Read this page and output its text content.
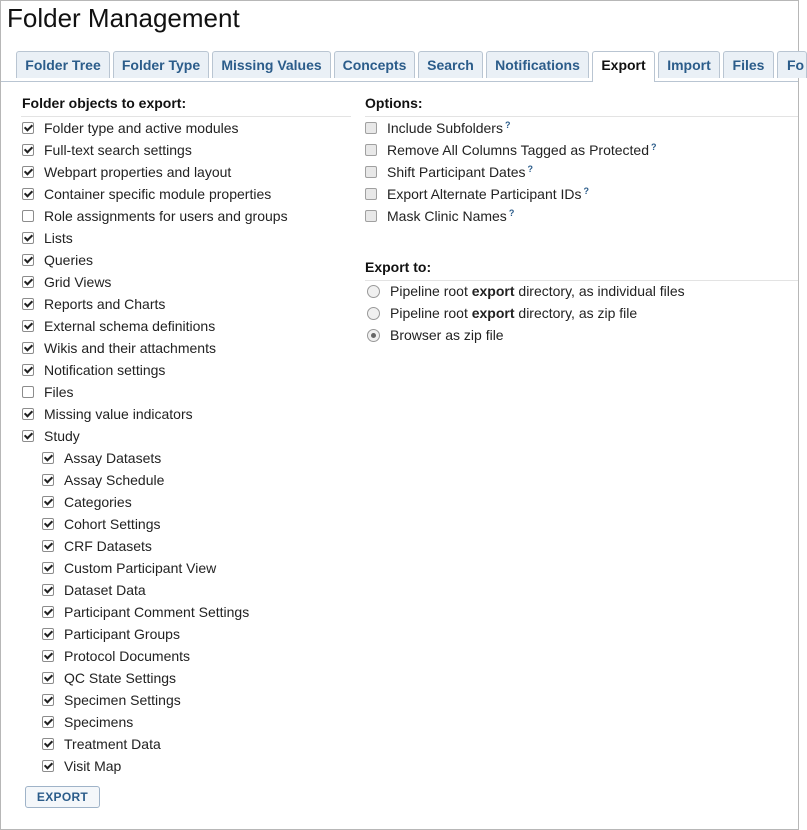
Folder Management
Folder Tree	Folder Type	Missing Values	Concepts	Search	Notifications	Export	Import	Files	Fo
Folder objects to export:
Folder type and active modules
Full-text search settings
Webpart properties and layout
Container specific module properties
Role assignments for users and groups
Lists
Queries
Grid Views
Reports and Charts
External schema definitions
Wikis and their attachments
Notification settings
Files
Missing value indicators
Study
Assay Datasets
Assay Schedule
Categories
Cohort Settings
CRF Datasets
Custom Participant View
Dataset Data
Participant Comment Settings
Participant Groups
Protocol Documents
QC State Settings
Specimen Settings
Specimens
Treatment Data
Visit Map
Options:
Include Subfolders ?
Remove All Columns Tagged as Protected ?
Shift Participant Dates ?
Export Alternate Participant IDs ?
Mask Clinic Names ?
Export to:
Pipeline root export directory, as individual files
Pipeline root export directory, as zip file
Browser as zip file
EXPORT
